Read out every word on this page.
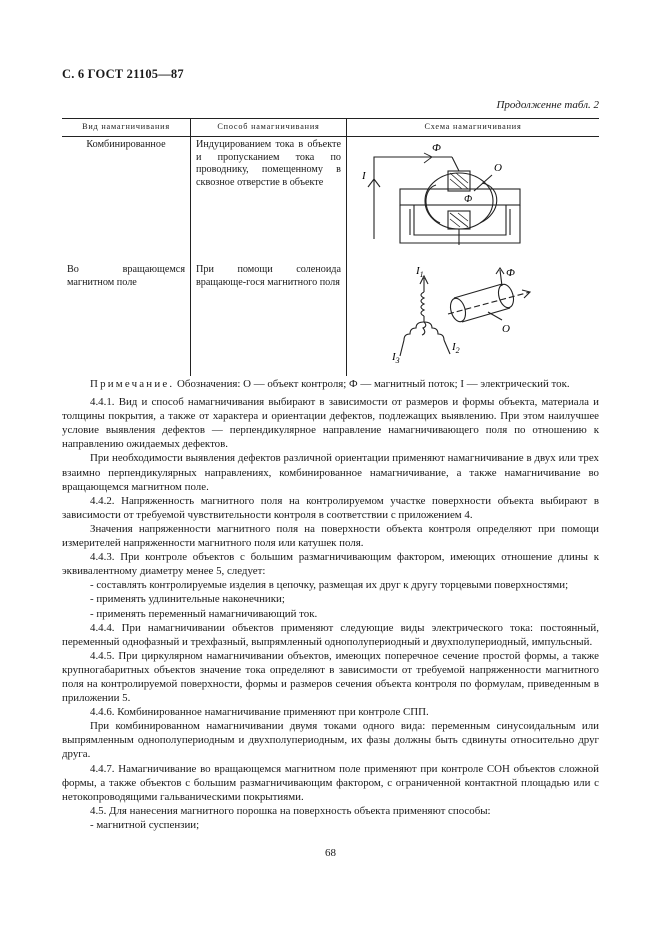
С. 6 ГОСТ 21105—87
Продолженне табл. 2
Вид намагничивания	Способ намагничивания	Схема намагничивания
Комбинированное	Индуцированием тока в объекте и пропусканием тока по проводнику, помещенному в сквозное отверстие в объекте	Ф
I
О
Ф

Во вращающемся магнитном поле	При помощи соленоида вращающе-гося магнитного поля	$I_1$ Ф
О
$I_2$
$I_3$

Примечание. Обозначения: О — объект контроля; Ф — магнитный поток; I — электрический ток.

4.4.1. Вид и способ намагничивания выбирают в зависимости от размеров и формы объекта, материала и толщины покрытия, а также от характера и ориентации дефектов, подлежащих выявлению. При этом наилучшее условие выявления дефектов — перпендикулярное направление намагничивающего поля по отношению к направлению ожидаемых дефектов.

При необходимости выявления дефектов различной ориентации применяют намагничивание в двух или трех взаимно перпендикулярных направлениях, комбинированное намагничивание, а также намагничивание во вращающемся магнитном поле.

4.4.2. Напряженность магнитного поля на контролируемом участке поверхности объекта выбирают в зависимости от требуемой чувствительности контроля в соответствии с приложением 4.

Значения напряженности магнитного поля на поверхности объекта контроля определяют при помощи измерителей напряженности магнитного поля или катушек поля.

4.4.3. При контроле объектов с большим размагничивающим фактором, имеющих отношение длины к эквивалентному диаметру менее 5, следует:

- составлять контролируемые изделия в цепочку, размещая их друг к другу торцевыми поверхностями;

- применять удлинительные наконечники;

- применять переменный намагничивающий ток.

4.4.4. При намагничивании объектов применяют следующие виды электрического тока: постоянный, переменный однофазный и трехфазный, выпрямленный однополупериодный и двухполупериодный, импульсный.

4.4.5. При циркулярном намагничивании объектов, имеющих поперечное сечение простой формы, а также крупногабаритных объектов значение тока определяют в зависимости от требуемой напряженности магнитного поля на контролируемой поверхности, формы и размеров сечения объекта контроля по формулам, приведенным в приложении 5.

4.4.6. Комбинированное намагничивание применяют при контроле СПП.

При комбинированном намагничивании двумя токами одного вида: переменным синусоидальным или выпрямленным однополупериодным и двухполупериодным, их фазы должны быть сдвинуты относительно друг друга.

4.4.7. Намагничивание во вращающемся магнитном поле применяют при контроле СОН объектов сложной формы, а также объектов с большим размагничивающим фактором, с ограниченной контактной площадью или с нетокопроводящими гальваническими покрытиями.

4.5. Для нанесения магнитного порошка на поверхность объекта применяют способы:

- магнитной суспензии;

68
